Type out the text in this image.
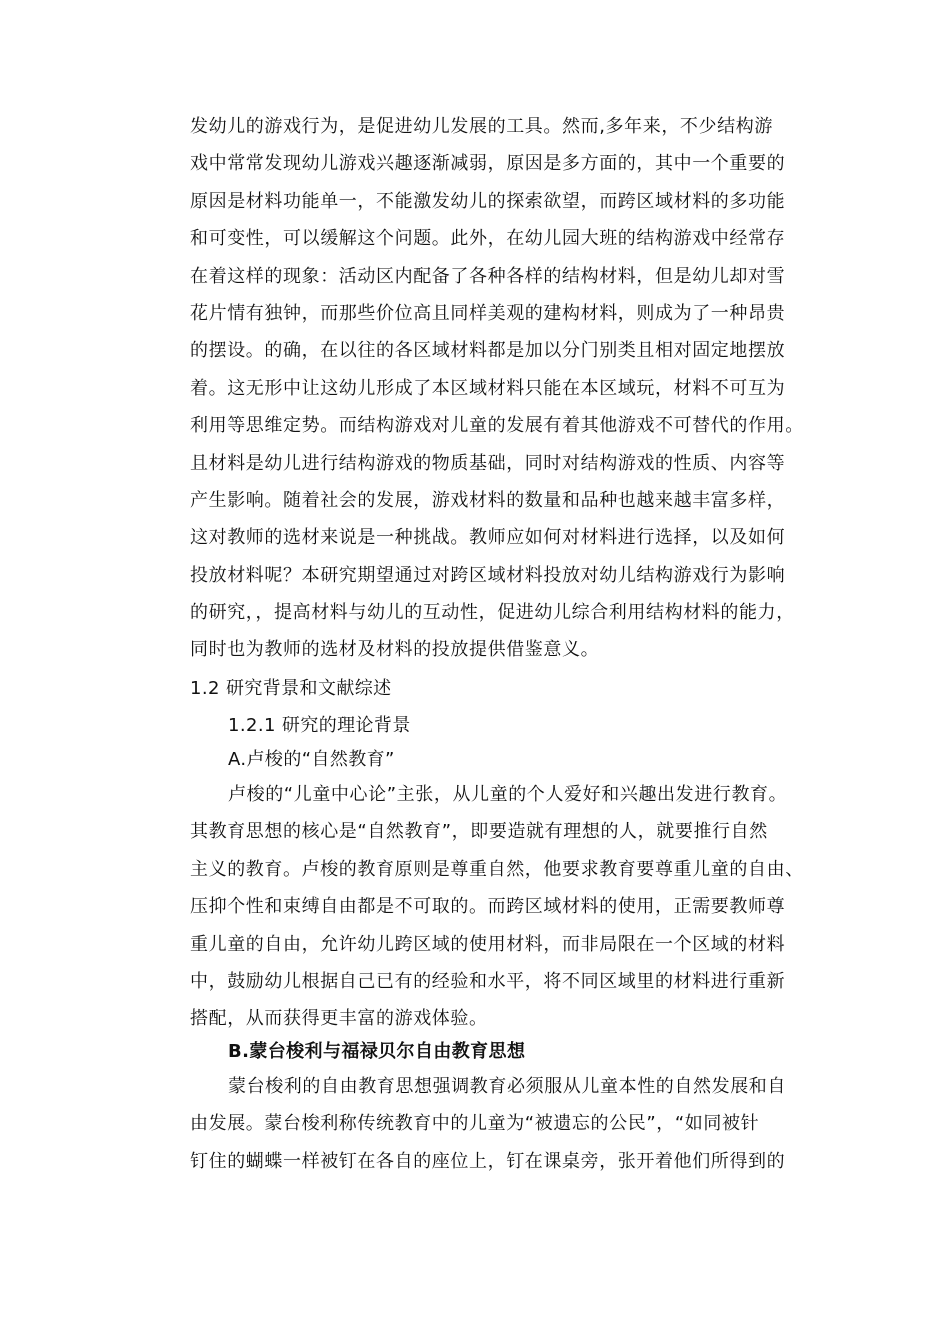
发幼儿的游戏行为，是促进幼儿发展的工具。然而,多年来，不少结构游
戏中常常发现幼儿游戏兴趣逐渐减弱，原因是多方面的，其中一个重要的
原因是材料功能单一，不能激发幼儿的探索欲望，而跨区域材料的多功能
和可变性，可以缓解这个问题。此外，在幼儿园大班的结构游戏中经常存
在着这样的现象：活动区内配备了各种各样的结构材料，但是幼儿却对雪
花片情有独钟，而那些价位高且同样美观的建构材料，则成为了一种昂贵
的摆设。的确，在以往的各区域材料都是加以分门别类且相对固定地摆放
着。这无形中让这幼儿形成了本区域材料只能在本区域玩，材料不可互为
利用等思维定势。而结构游戏对儿童的发展有着其他游戏不可替代的作用。
且材料是幼儿进行结构游戏的物质基础，同时对结构游戏的性质、内容等
产生影响。随着社会的发展，游戏材料的数量和品种也越来越丰富多样，
这对教师的选材来说是一种挑战。教师应如何对材料进行选择，以及如何
投放材料呢？本研究期望通过对跨区域材料投放对幼儿结构游戏行为影响
的研究，，提高材料与幼儿的互动性，促进幼儿综合利用结构材料的能力，
同时也为教师的选材及材料的投放提供借鉴意义。
1.2 研究背景和文献综述
1.2.1 研究的理论背景
A.卢梭的“自然教育”
卢梭的“儿童中心论”主张，从儿童的个人爱好和兴趣出发进行教育。
其教育思想的核心是“自然教育”，即要造就有理想的人，就要推行自然
主义的教育。卢梭的教育原则是尊重自然，他要求教育要尊重儿童的自由、
压抑个性和束缚自由都是不可取的。而跨区域材料的使用，正需要教师尊
重儿童的自由，允许幼儿跨区域的使用材料，而非局限在一个区域的材料
中，鼓励幼儿根据自己已有的经验和水平，将不同区域里的材料进行重新
搭配，从而获得更丰富的游戏体验。
B.蒙台梭利与福禄贝尔自由教育思想
蒙台梭利的自由教育思想强调教育必须服从儿童本性的自然发展和自
由发展。蒙台梭利称传统教育中的儿童为“被遗忘的公民”，“如同被针
钉住的蝴蝶一样被钉在各自的座位上，钉在课桌旁，张开着他们所得到的
